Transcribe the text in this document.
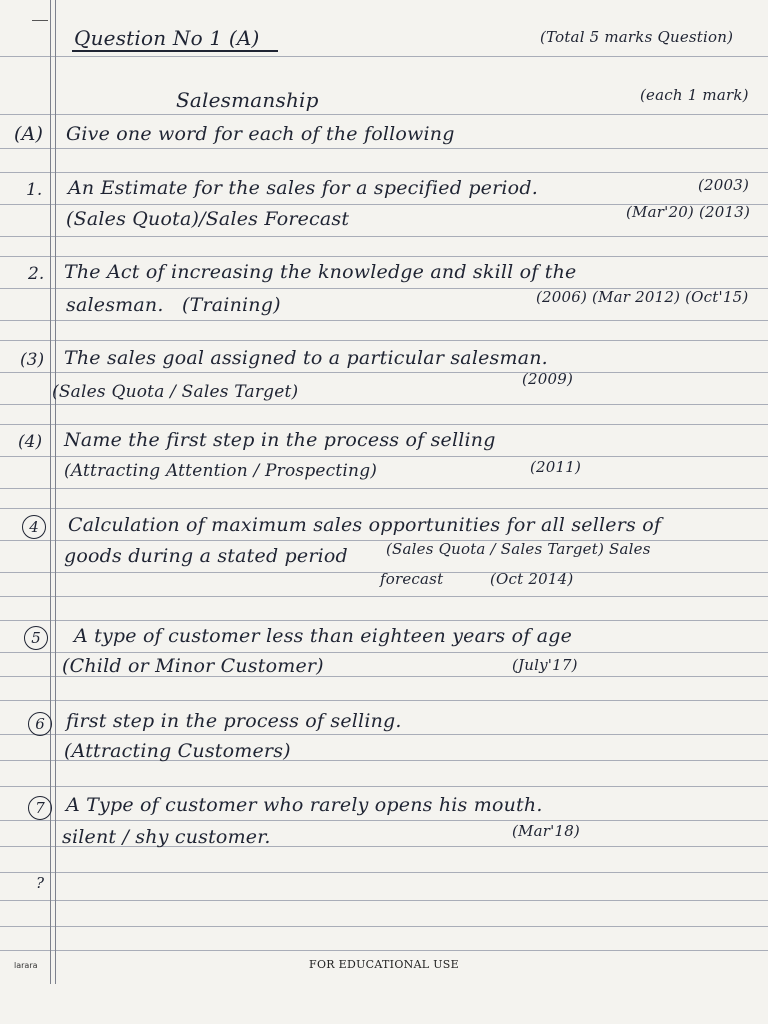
Question No 1 (A)	(Total 5 marks Question)
Salesmanship	(each 1 mark)
(A) Give one word for each of the following
1. An Estimate for the sales for a specified period.	(2003)
(Sales Quota)/Sales Forecast	(Mar'20) (2013)
2. The Act of increasing the knowledge and skill of the
salesman. (Training)	(2006) (Mar 2012) (Oct'15)
(3) The sales goal assigned to a particular salesman.
(Sales Quota / Sales Target)
(2009)
(4) Name the first step in the process of selling
(Attracting Attention / Prospecting)	(2011)
4	Calculation of maximum sales opportunities for all sellers of
goods during a stated period	(Sales Quota / Sales Target) Sales
forecast	(Oct 2014)
5	A type of customer less than eighteen years of age
(Child or Minor Customer)	(July'17)
6	first step in the process of selling.
(Attracting Customers)
7	A Type of customer who rarely opens his mouth.
silent / shy customer.	(Mar'18)
?
larara	FOR EDUCATIONAL USE
